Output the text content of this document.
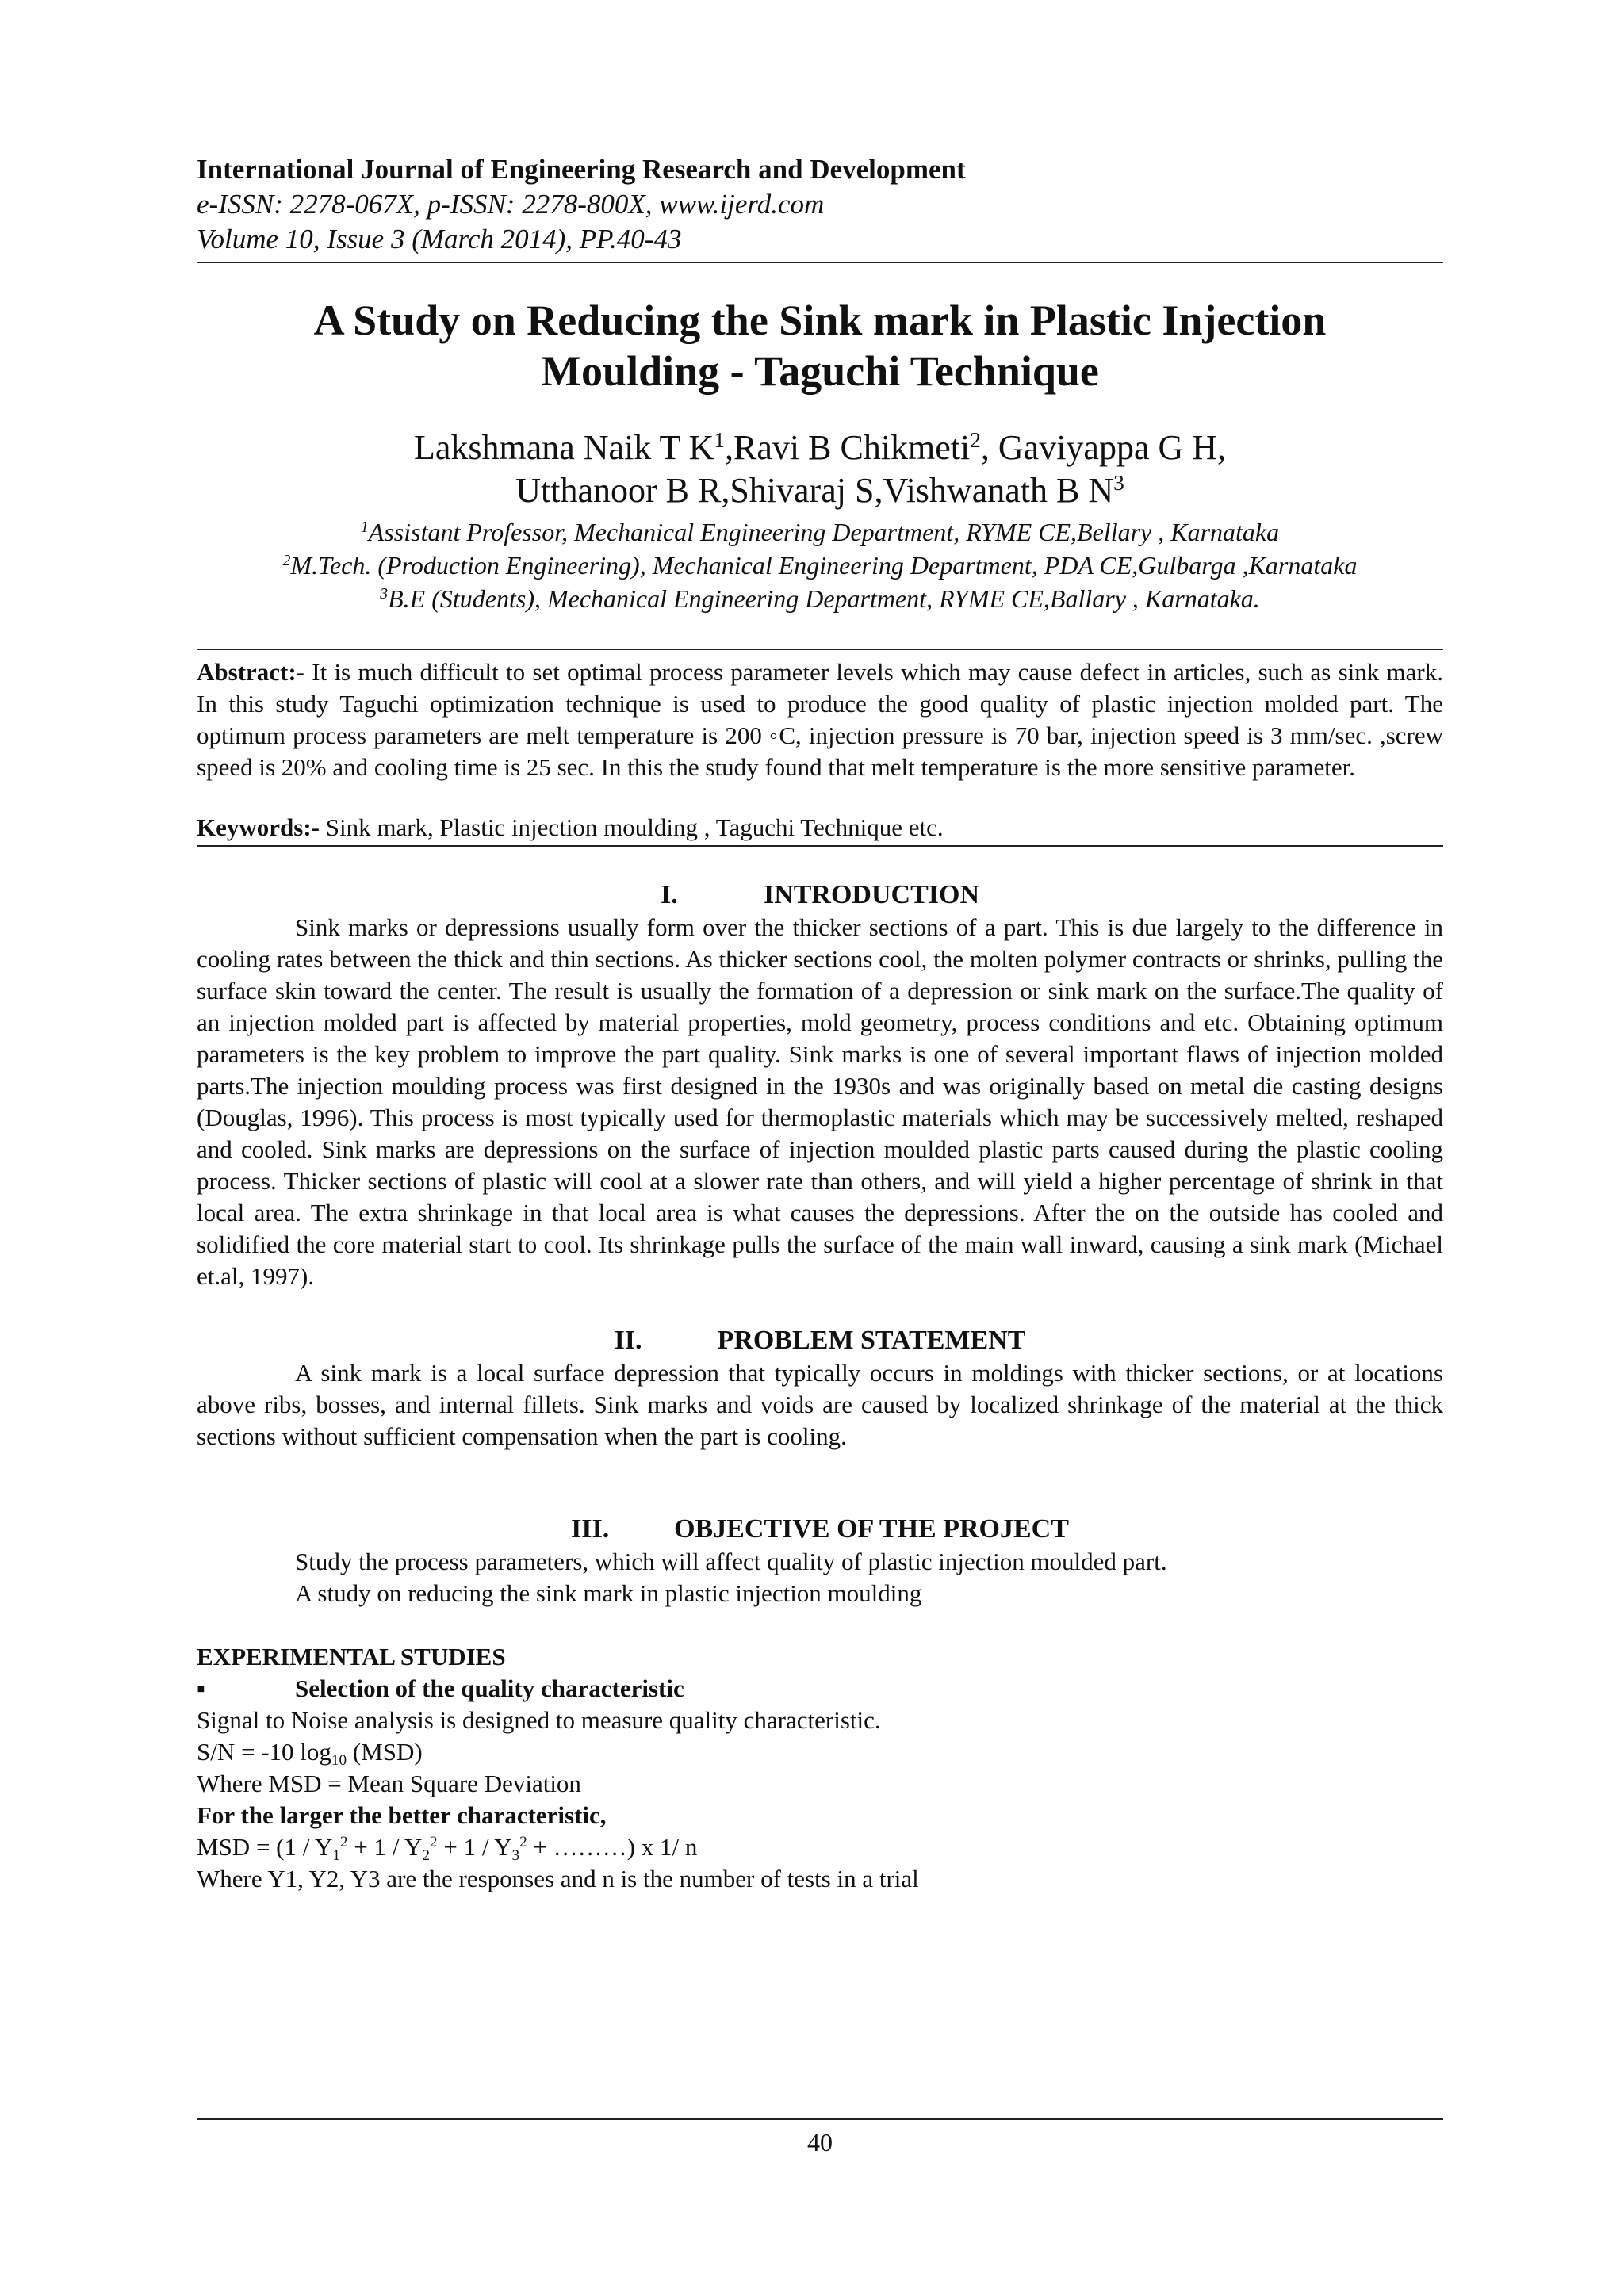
International Journal of Engineering Research and Development
e-ISSN: 2278-067X, p-ISSN: 2278-800X, www.ijerd.com
Volume 10, Issue 3 (March 2014), PP.40-43
A Study on Reducing the Sink mark in Plastic Injection
Moulding - Taguchi Technique
Lakshmana Naik T $K^1,Ravi$ B Chikmeti$^2$, Gaviyappa G H,
Utthanoor B R,Shivaraj S,Vishwanath B $N^3$
$^1$Assistant Professor, Mechanical Engineering Department, RYME CE,Bellary , Karnataka
$^2$M.Tech. (Production Engineering), Mechanical Engineering Department, PDA CE,Gulbarga ,Karnataka
$^3$B.E (Students), Mechanical Engineering Department, RYME CE,Ballary , Karnataka.

Abstract:- It is much difficult to set optimal process parameter levels which may cause defect in articles, such as sink mark. In this study Taguchi optimization technique is used to produce the good quality of plastic injection molded part. The optimum process parameters are melt temperature is 200 ◦C, injection pressure is 70 bar, injection speed is 3 mm/sec. ,screw speed is 20% and cooling time is 25 sec. In this the study found that melt temperature is the more sensitive parameter.

Keywords:- Sink mark, Plastic injection moulding , Taguchi Technique etc.

I.	INTRODUCTION

Sink marks or depressions usually form over the thicker sections of a part. This is due largely to the difference in cooling rates between the thick and thin sections. As thicker sections cool, the molten polymer contracts or shrinks, pulling the surface skin toward the center. The result is usually the formation of a depression or sink mark on the surface.The quality of an injection molded part is affected by material properties, mold geometry, process conditions and etc. Obtaining optimum parameters is the key problem to improve the part quality. Sink marks is one of several important flaws of injection molded parts.The injection moulding process was first designed in the 1930s and was originally based on metal die casting designs (Douglas, 1996). This process is most typically used for thermoplastic materials which may be successively melted, reshaped and cooled. Sink marks are depressions on the surface of injection moulded plastic parts caused during the plastic cooling process. Thicker sections of plastic will cool at a slower rate than others, and will yield a higher percentage of shrink in that local area. The extra shrinkage in that local area is what causes the depressions. After the on the outside has cooled and solidified the core material start to cool. Its shrinkage pulls the surface of the main wall inward, causing a sink mark (Michael et.al, 1997).

II.	PROBLEM STATEMENT

A sink mark is a local surface depression that typically occurs in moldings with thicker sections, or at locations above ribs, bosses, and internal fillets. Sink marks and voids are caused by localized shrinkage of the material at the thick sections without sufficient compensation when the part is cooling.

III. OBJECTIVE OF THE PROJECT
Study the process parameters, which will affect quality of plastic injection moulded part.
A study on reducing the sink mark in plastic injection moulding
EXPERIMENTAL STUDIES
▪	Selection of the quality characteristic
Signal to Noise analysis is designed to measure quality characteristic.
S/N = -10 $\log_{10} (MSD)$
Where MSD = Mean Square Deviation
For the larger the better characteristic,
MSD = ($1 / Y_1^2 + 1 / Y_2^2 + 1 / Y_3^2$ + ………) x 1/ n
Where Y1, Y2, Y3 are the responses and n is the number of tests in a trial
40
